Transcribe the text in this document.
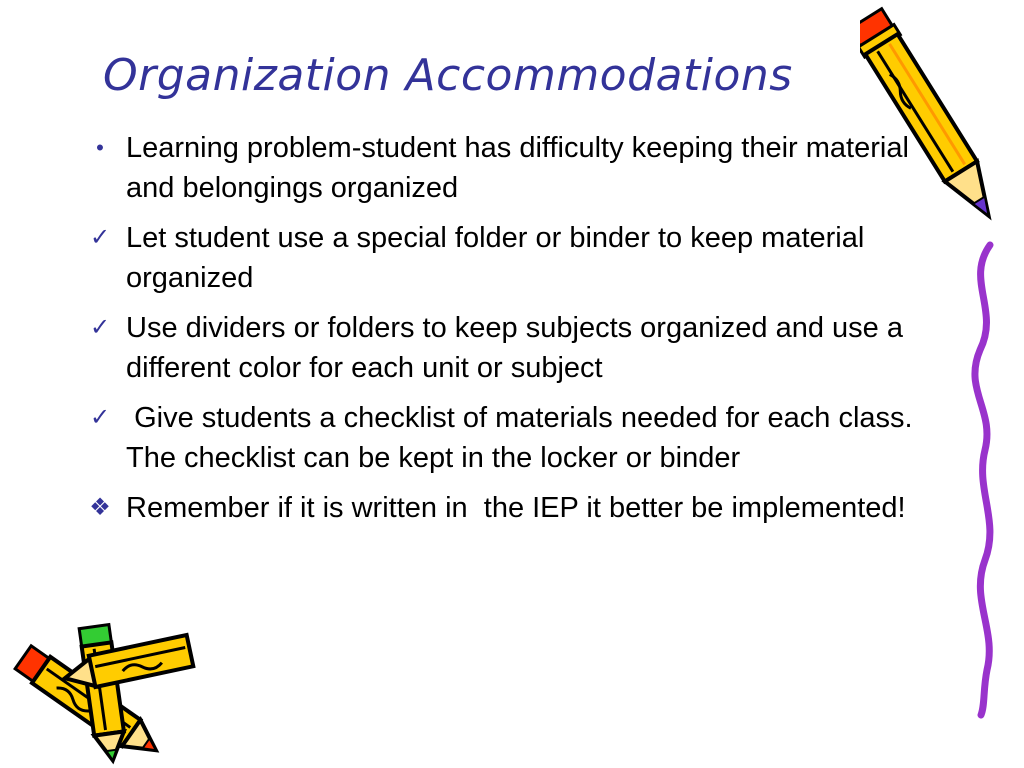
Organization Accommodations
• Learning problem-student has difficulty keeping their material and belongings organized
✓ Let student use a special folder or binder to keep material organized
✓ Use dividers or folders to keep subjects organized and use a different color for each unit or subject
✓ Give students a checklist of materials needed for each class. The checklist can be kept in the locker or binder
❖ Remember if it is written in  the IEP it better be implemented!
